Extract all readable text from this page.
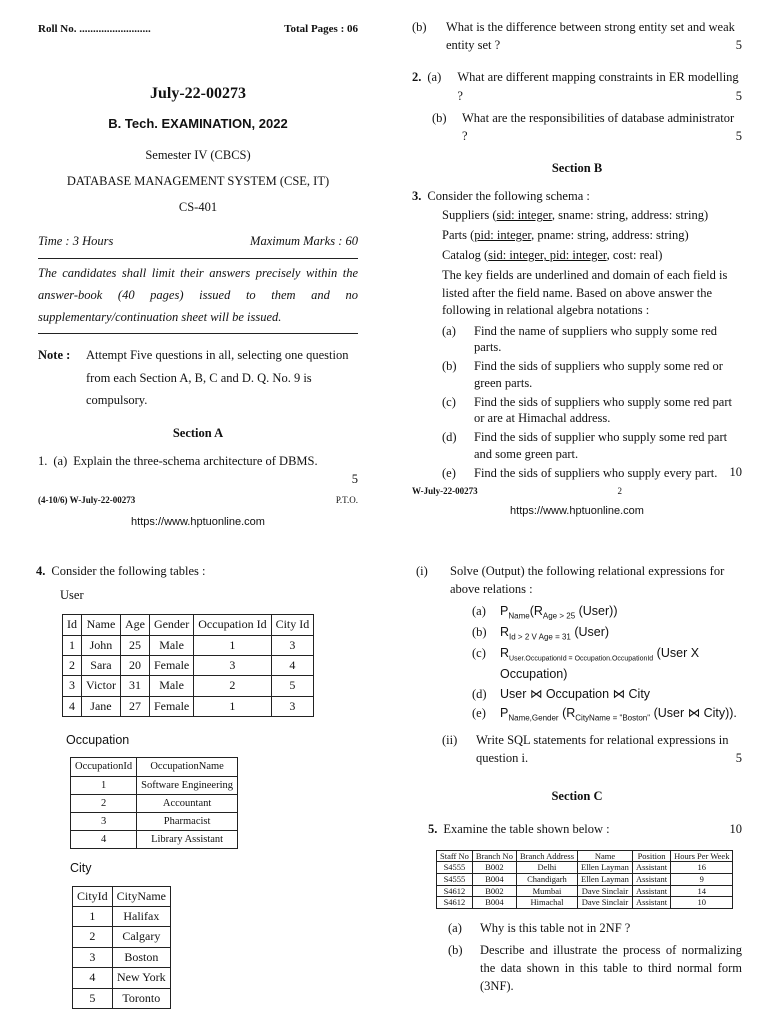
Roll No. ..........................	Total Pages : 06
July-22-00273
B. Tech. EXAMINATION, 2022
Semester IV (CBCS)
DATABASE MANAGEMENT SYSTEM (CSE, IT)
CS-401
Time : 3 Hours	Maximum Marks : 60
The candidates shall limit their answers precisely within the answer-book (40 pages) issued to them and no supplementary/continuation sheet will be issued.
Note :	Attempt Five questions in all, selecting one question from each Section A, B, C and D. Q. No. 9 is compulsory.
Section A
1. (a) Explain the three-schema architecture of DBMS.
5
(4-10/6) W-July-22-00273	P.T.O.
https://www.hptuonline.com
(b)	What is the difference between strong entity set and weak entity set ?	5
2. (a)	What are different mapping constraints in ER modelling ?	5
(b)	What are the responsibilities of database administrator ?	5
Section B
3. Consider the following schema :
Suppliers (sid: integer, sname: string, address: string)
Parts (pid: integer, pname: string, address: string)
Catalog (sid: integer, pid: integer, cost: real)
The key fields are underlined and domain of each field is listed after the field name. Based on above answer the following in relational algebra notations :
(a)	Find the name of suppliers who supply some red parts.
(b)	Find the sids of suppliers who supply some red or green parts.
(c)	Find the sids of suppliers who supply some red part or are at Himachal address.
(d)	Find the sids of supplier who supply some red part and some green part.
(e)	Find the sids of suppliers who supply every part. 10
W-July-22-00273	2
https://www.hptuonline.com
4. Consider the following tables :
User
Id	Name	Age	Gender	Occupation Id	City Id
1	John	25	Male	1	3
2	Sara	20	Female	3	4
3	Victor	31	Male	2	5
4	Jane	27	Female	1	3
Occupation
OccupationId	OccupationName
1	Software Engineering
2	Accountant
3	Pharmacist
4	Library Assistant
City
CityId	CityName
1	Halifax
2	Calgary
3	Boston
4	New York
5	Toronto
(i)	Solve (Output) the following relational expressions for above relations :
(a)	$P_{Name}(R_{Age > 25}$ (User))
(b)	$R_{Id > 2 V Age = 31}$ (User)
(c)	$R_{User.OccupationId = Occupation.OccupationId}$ (User X Occupation)
(d)	User ⋈ Occupation ⋈ City
(e)	$P_{Name,Gender}$ ($R_{CityName = "Boston"}$ (User ⋈ City)).
(ii)	Write SQL statements for relational expressions in question i.	5
Section C
5. Examine the table shown below :	10
Staff No	Branch No	Branch Address	Name	Position	Hours Per Week
S4555	B002	Delhi	Ellen Layman	Assistant	16
S4555	B004	Chandigarh	Ellen Layman	Assistant	9
S4612	B002	Mumbai	Dave Sinclair	Assistant	14
S4612	B004	Himachal	Dave Sinclair	Assistant	10
(a)	Why is this table not in 2NF ?
(b)	Describe and illustrate the process of normalizing the data shown in this table to third normal form (3NF).
